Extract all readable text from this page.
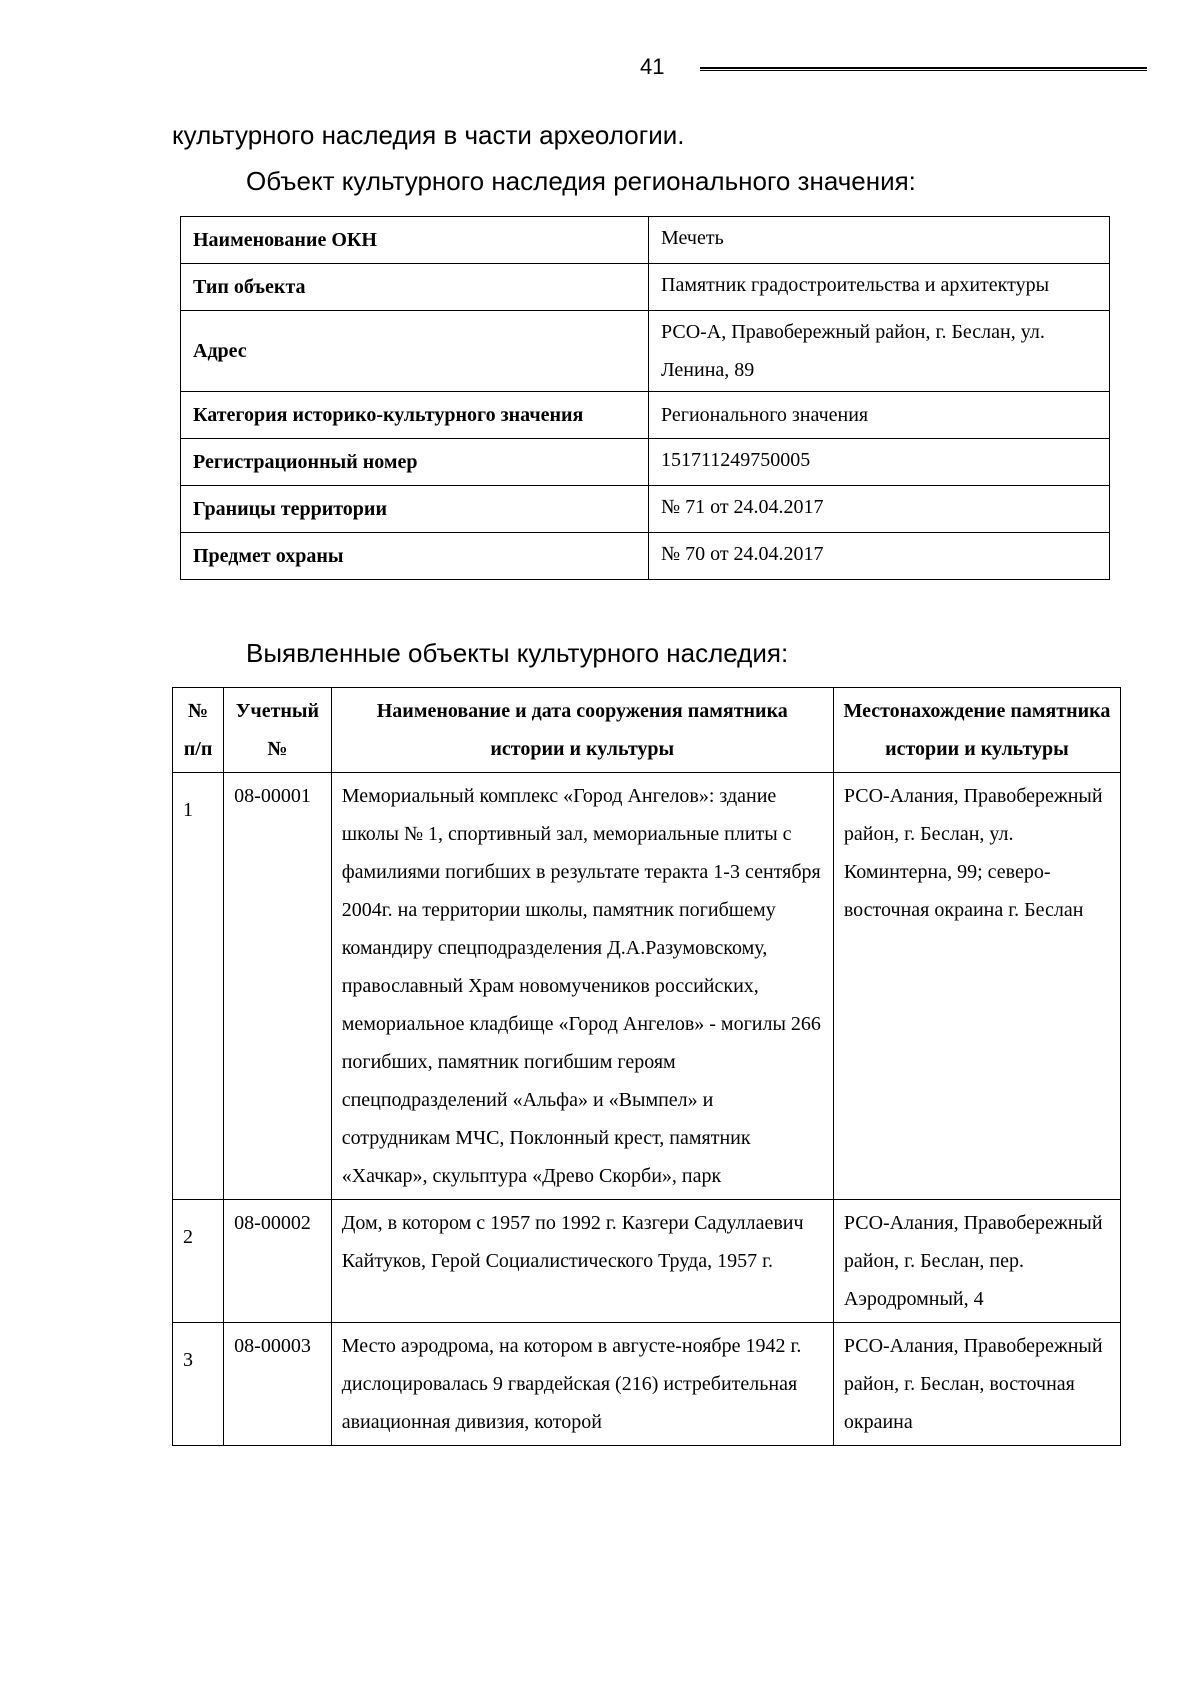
41
культурного наследия в части археологии.
Объект культурного наследия регионального значения:
Наименование ОКН	Мечеть
Тип объекта	Памятник градостроительства и архитектуры
Адрес	РСО-А, Правобережный район, г. Беслан, ул. Ленина, 89
Категория историко-культурного значения	Регионального значения
Регистрационный номер	151711249750005
Границы территории	№ 71 от 24.04.2017
Предмет охраны	№ 70 от 24.04.2017
Выявленные объекты культурного наследия:
№ п/п	Учетный №	Наименование и дата сооружения памятника истории и культуры	Местонахождение памятника истории и культуры
1	08-00001	Мемориальный комплекс «Город Ангелов»: здание школы № 1, спортивный зал, мемориальные плиты с фамилиями погибших в результате теракта 1-3 сентября 2004г. на территории школы, памятник погибшему командиру спецподразделения Д.А.Разумовскому, православный Храм новомучеников российских, мемориальное кладбище «Город Ангелов» - могилы 266 погибших, памятник погибшим героям спецподразделений «Альфа» и «Вымпел» и сотрудникам МЧС, Поклонный крест, памятник «Хачкар», скульптура «Древо Скорби», парк	РСО-Алания, Правобережный район, г. Беслан, ул. Коминтерна, 99; северо-восточная окраина г. Беслан
2	08-00002	Дом, в котором с 1957 по 1992 г. Казгери Садуллаевич Кайтуков, Герой Социалистического Труда, 1957 г.	РСО-Алания, Правобережный район, г. Беслан, пер. Аэродромный, 4
3	08-00003	Место аэродрома, на котором в августе-ноябре 1942 г. дислоцировалась 9 гвардейская (216) истребительная авиационная дивизия, которой	РСО-Алания, Правобережный район, г. Беслан, восточная окраина
